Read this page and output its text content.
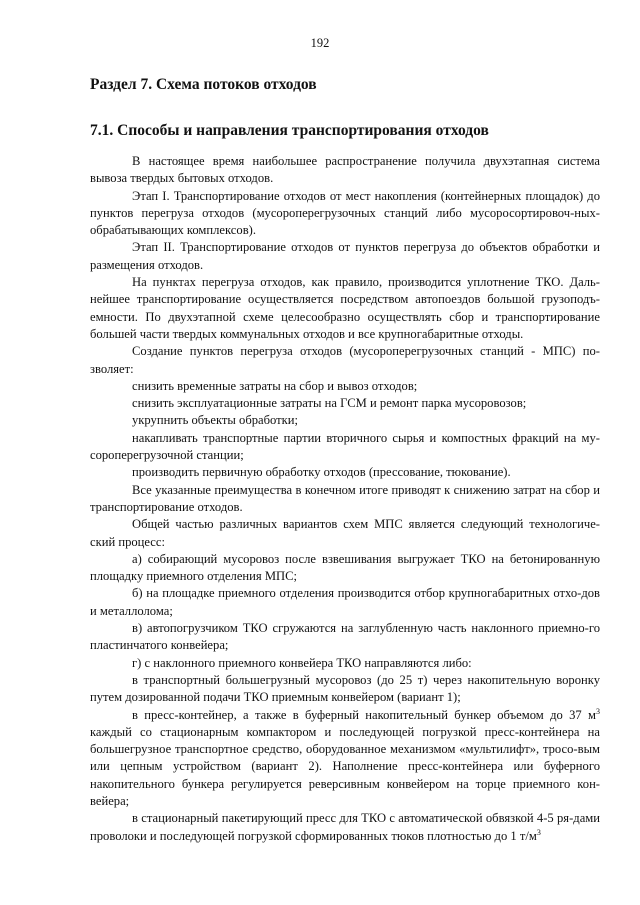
192
Раздел 7. Схема потоков отходов
7.1. Способы и направления транспортирования отходов

В настоящее время наибольшее распространение получила двухэтапная система вывоза твердых бытовых отходов.

Этап I. Транспортирование отходов от мест накопления (контейнерных площадок) до пунктов перегруза отходов (мусороперегрузочных станций либо мусоросортировоч-ных-обрабатывающих комплексов).

Этап II. Транспортирование отходов от пунктов перегруза до объектов обработки и размещения отходов.

На пунктах перегруза отходов, как правило, производится уплотнение ТКО. Даль-нейшее транспортирование осуществляется посредством автопоездов большой грузоподъ-емности. По двухэтапной схеме целесообразно осуществлять сбор и транспортирование большей части твердых коммунальных отходов и все крупногабаритные отходы.

Создание пунктов перегруза отходов (мусороперегрузочных станций - МПС) по-зволяет:

снизить временные затраты на сбор и вывоз отходов;

снизить эксплуатационные затраты на ГСМ и ремонт парка мусоровозов;

укрупнить объекты обработки;

накапливать транспортные партии вторичного сырья и компостных фракций на му-сороперегрузочной станции;

производить первичную обработку отходов (прессование, тюкование).

Все указанные преимущества в конечном итоге приводят к снижению затрат на сбор и транспортирование отходов.

Общей частью различных вариантов схем МПС является следующий технологиче-ский процесс:

а) собирающий мусоровоз после взвешивания выгружает ТКО на бетонированную площадку приемного отделения МПС;

б) на площадке приемного отделения производится отбор крупногабаритных отхо-дов и металлолома;

в) автопогрузчиком ТКО сгружаются на заглубленную часть наклонного приемно-го пластинчатого конвейера;

г) с наклонного приемного конвейера ТКО направляются либо:

в транспортный большегрузный мусоровоз (до 25 т) через накопительную воронку путем дозированной подачи ТКО приемным конвейером (вариант 1);

в пресс-контейнер, а также в буферный накопительный бункер объемом до 37 $м^3$ каждый со стационарным компактором и последующей погрузкой пресс-контейнера на большегрузное транспортное средство, оборудованное механизмом «мультилифт», тросо-вым или цепным устройством (вариант 2). Наполнение пресс-контейнера или буферного накопительного бункера регулируется реверсивным конвейером на торце приемного кон-вейера;

в стационарный пакетирующий пресс для ТКО с автоматической обвязкой 4-5 ря-дами проволоки и последующей погрузкой сформированных тюков плотностью до 1 $т/м^3$
